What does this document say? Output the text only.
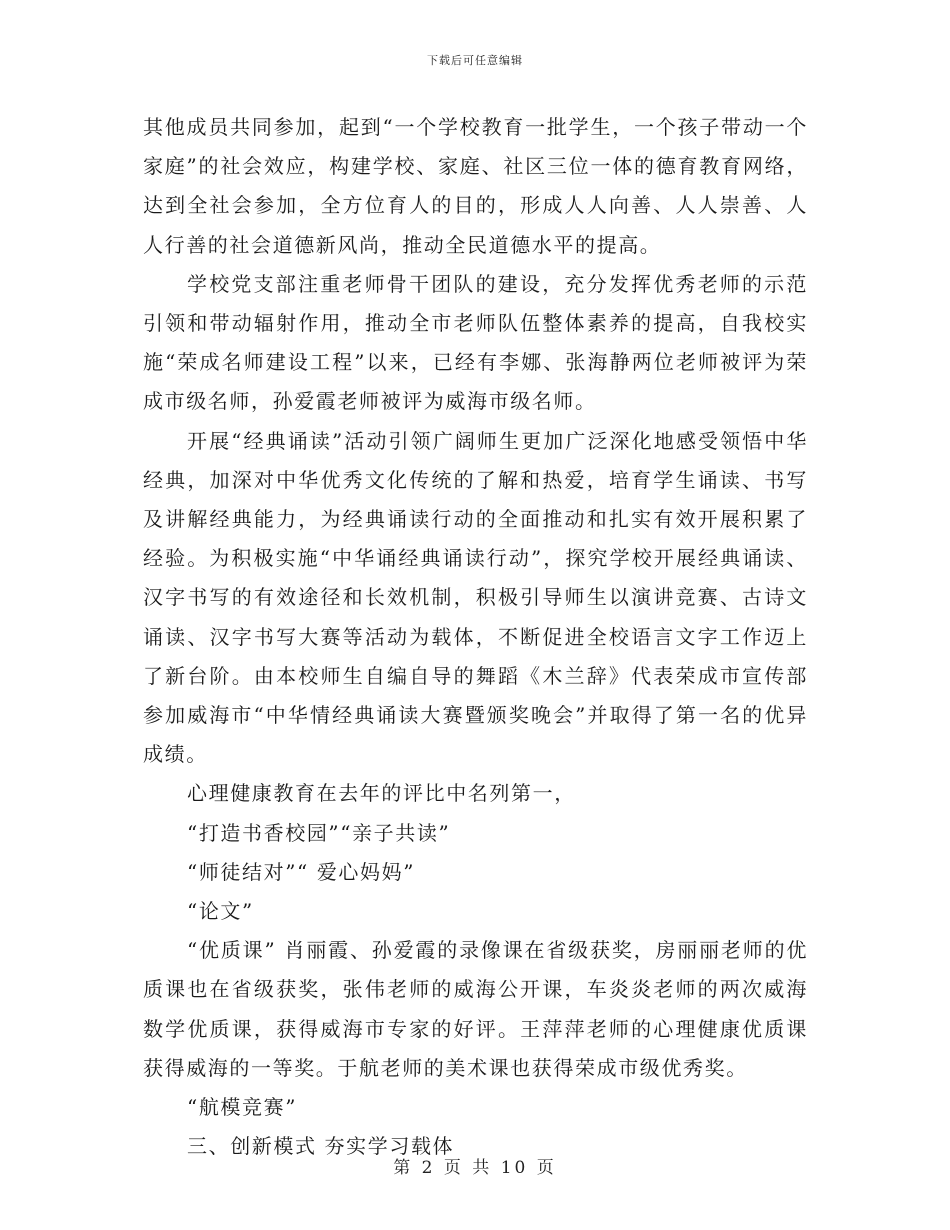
下载后可任意编辑

其他成员共同参加，起到“一个学校教育一批学生，一个孩子带动一个家庭”的社会效应，构建学校、家庭、社区三位一体的德育教育网络，达到全社会参加，全方位育人的目的，形成人人向善、人人崇善、人人行善的社会道德新风尚，推动全民道德水平的提高。

学校党支部注重老师骨干团队的建设，充分发挥优秀老师的示范引领和带动辐射作用，推动全市老师队伍整体素养的提高，自我校实施“荣成名师建设工程”以来，已经有李娜、张海静两位老师被评为荣成市级名师，孙爱霞老师被评为威海市级名师。

开展“经典诵读”活动引领广阔师生更加广泛深化地感受领悟中华经典，加深对中华优秀文化传统的了解和热爱，培育学生诵读、书写及讲解经典能力，为经典诵读行动的全面推动和扎实有效开展积累了经验。为积极实施“中华诵经典诵读行动”，探究学校开展经典诵读、汉字书写的有效途径和长效机制，积极引导师生以演讲竞赛、古诗文诵读、汉字书写大赛等活动为载体，不断促进全校语言文字工作迈上了新台阶。由本校师生自编自导的舞蹈《木兰辞》代表荣成市宣传部参加威海市“中华情经典诵读大赛暨颁奖晚会”并取得了第一名的优异成绩。

心理健康教育在去年的评比中名列第一，

“打造书香校园”“亲子共读”

“师徒结对”“ 爱心妈妈”

“论文”

“优质课” 肖丽霞、孙爱霞的录像课在省级获奖，房丽丽老师的优质课也在省级获奖，张伟老师的威海公开课，车炎炎老师的两次威海数学优质课，获得威海市专家的好评。王萍萍老师的心理健康优质课获得威海的一等奖。于航老师的美术课也获得荣成市级优秀奖。

“航模竞赛”

三、创新模式 夯实学习载体

第 2 页 共 10 页
